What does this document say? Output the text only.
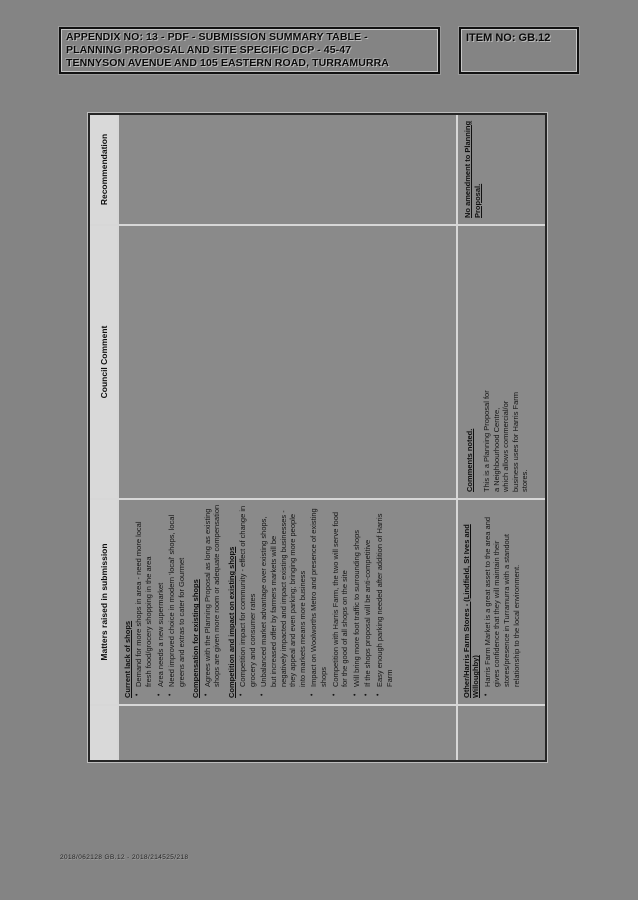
APPENDIX NO: 13 - PDF - SUBMISSION SUMMARY TABLE -
PLANNING PROPOSAL AND SITE SPECIFIC DCP - 45-47
TENNYSON AVENUE AND 105 EASTERN ROAD, TURRAMURRA
ITEM NO: GB.12
Matters raised in submission
Council Comment
Recommendation
Current lack of shops •
Demand for more shops in area - need more local fresh food/grocery shopping in the area
•
Area needs a new supermarket
•
Need improved choice in modern 'local' shops, local greens and extras to cater for Gourmet Compensation for existing shops •
Agrees with the Planning Proposal as long as existing shops are given more room or adequate compensation Competition and impact on existing shops •
Competition impact for community - effect of change in grocery and consumer rates
•
Unbalanced market advantage over existing shops, but increased offer by farmers markets will be negatively impacted and impact existing businesses - they appeal and even parking; bringing more people into markets means more business
•
Impact on Woolworths Metro and presence of existing shops
•
Competition with Harris Farm, the two will serve food for the good of all shops on the site
•
Will bring more foot traffic to surrounding shops
•
If the shops proposal will be anti-competitive
•
Easy enough parking needed after addition of Harris Farm	Other/Harris Farm Stores - (Lindfield, St Ives and Willoughby) •
Harris Farm Market is a great asset to the area and gives confidence that they will maintain their stores/presence in Turramurra with a standout relationship to the local environment.
Comments noted. This is a Planning Proposal for a Neighbourhood Centre, which allows commercial/or business uses for Harris Farm stores.
No amendment to Planning Proposal.
2018/062128 GB.12 - 2018/214525/218
